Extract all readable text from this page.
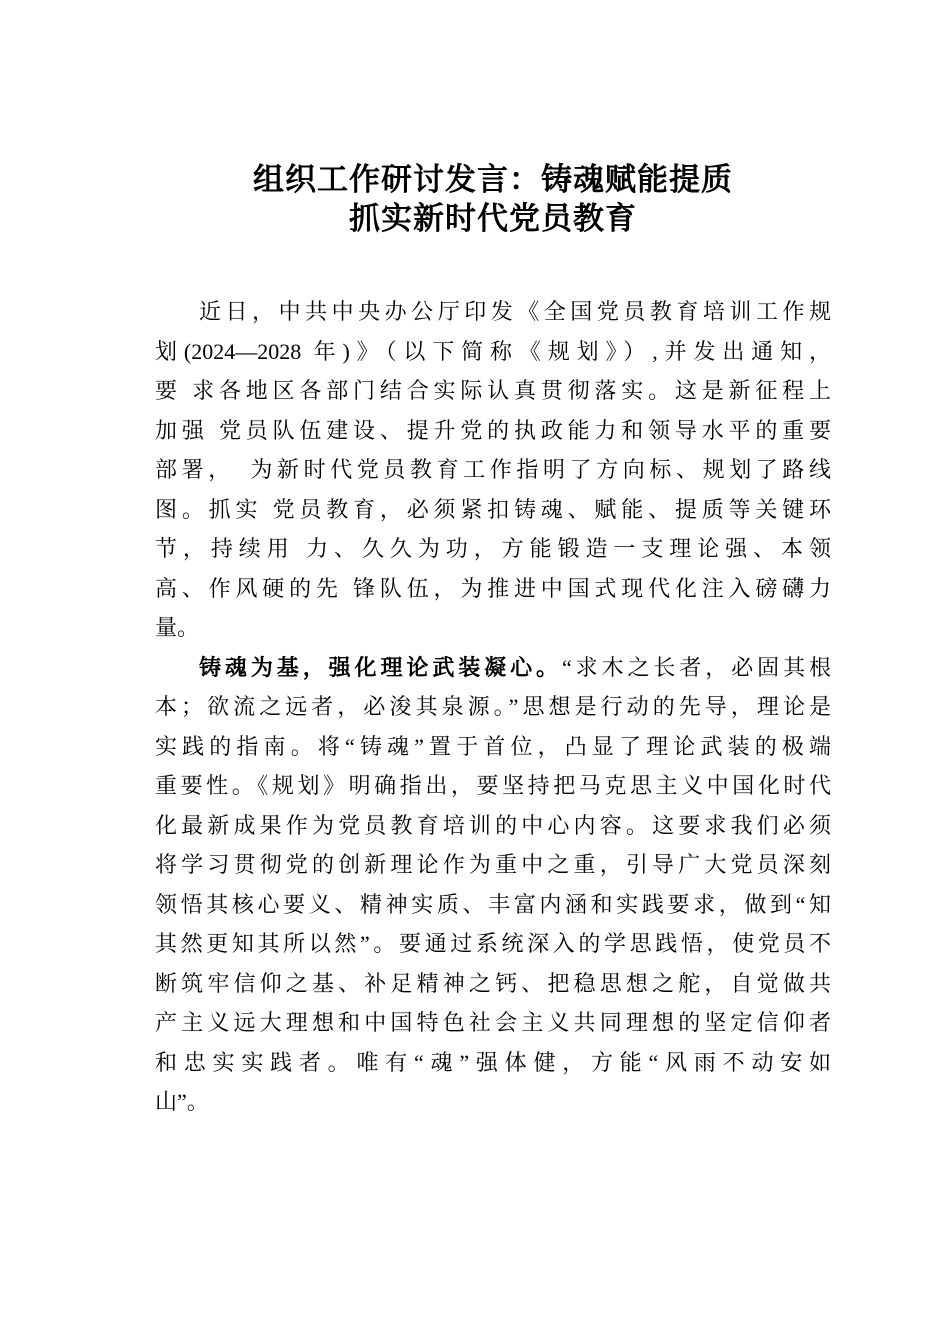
组织工作研讨发言：铸魂赋能提质
抓实新时代党员教育
近日，中共中央办公厅印发《全国党员教育培训工作规
划(2024—2028 年)》（以下简称《规划》）,并发出通知，
要 求各地区各部门结合实际认真贯彻落实。这是新征程上
加强 党员队伍建设、提升党的执政能力和领导水平的重要
部署，　为新时代党员教育工作指明了方向标、规划了路线
图。抓实 党员教育，必须紧扣铸魂、赋能、提质等关键环
节，持续用 力、久久为功，方能锻造一支理论强、本领
高、作风硬的先 锋队伍，为推进中国式现代化注入磅礴力
量。
铸魂为基，强化理论武装凝心。“求木之长者，必固其根
本；欲流之远者，必浚其泉源。”思想是行动的先导，理论是
实践的指南。将“铸魂”置于首位，凸显了理论武装的极端
重要性。《规划》明确指出，要坚持把马克思主义中国化时代
化最新成果作为党员教育培训的中心内容。这要求我们必须
将学习贯彻党的创新理论作为重中之重，引导广大党员深刻
领悟其核心要义、精神实质、丰富内涵和实践要求，做到“知
其然更知其所以然”。要通过系统深入的学思践悟，使党员不
断筑牢信仰之基、补足精神之钙、把稳思想之舵，自觉做共
产主义远大理想和中国特色社会主义共同理想的坚定信仰者
和忠实实践者。唯有“魂”强体健，方能“风雨不动安如
山”。
